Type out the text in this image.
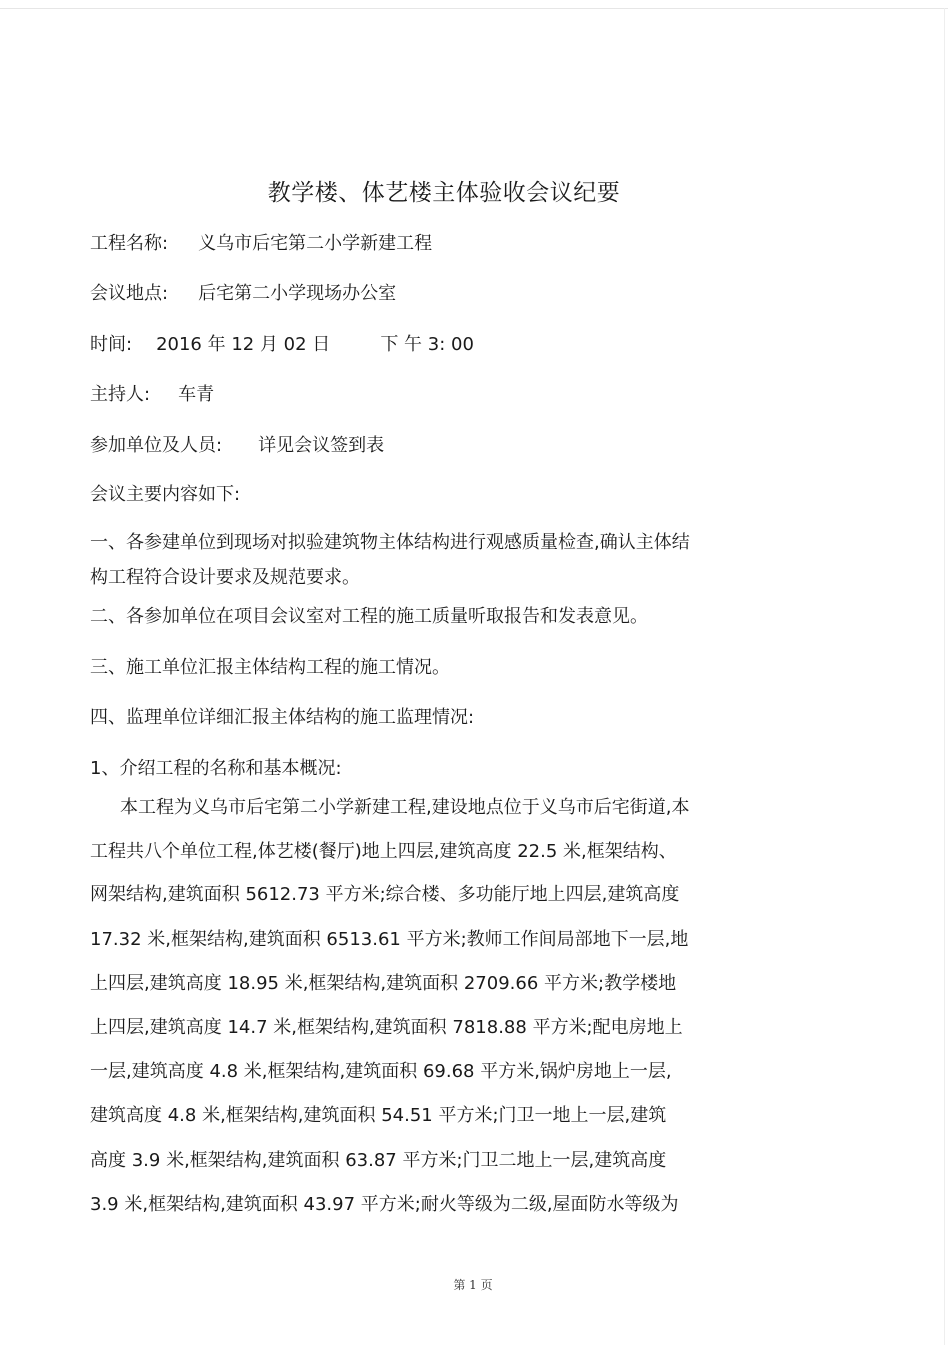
教学楼、体艺楼主体验收会议纪要
工程名称: 义乌市后宅第二小学新建工程
会议地点: 后宅第二小学现场办公室
时间: 2016 年 12 月 02 日	下 午 3: 00
主持人: 车青
参加单位及人员: 详见会议签到表
会议主要内容如下:
一、各参建单位到现场对拟验建筑物主体结构进行观感质量检查,确认主体结
构工程符合设计要求及规范要求。
二、各参加单位在项目会议室对工程的施工质量听取报告和发表意见。
三、施工单位汇报主体结构工程的施工情况。
四、监理单位详细汇报主体结构的施工监理情况:
1、介绍工程的名称和基本概况:
本工程为义乌市后宅第二小学新建工程,建设地点位于义乌市后宅街道,本
工程共八个单位工程,体艺楼(餐厅)地上四层,建筑高度 22.5 米,框架结构、
网架结构,建筑面积 5612.73 平方米;综合楼、多功能厅地上四层,建筑高度
17.32 米,框架结构,建筑面积 6513.61 平方米;教师工作间局部地下一层,地
上四层,建筑高度 18.95 米,框架结构,建筑面积 2709.66 平方米;教学楼地
上四层,建筑高度 14.7 米,框架结构,建筑面积 7818.88 平方米;配电房地上
一层,建筑高度 4.8 米,框架结构,建筑面积 69.68 平方米,锅炉房地上一层,
建筑高度 4.8 米,框架结构,建筑面积 54.51 平方米;门卫一地上一层,建筑
高度 3.9 米,框架结构,建筑面积 63.87 平方米;门卫二地上一层,建筑高度
3.9 米,框架结构,建筑面积 43.97 平方米;耐火等级为二级,屋面防水等级为
第 1 页
